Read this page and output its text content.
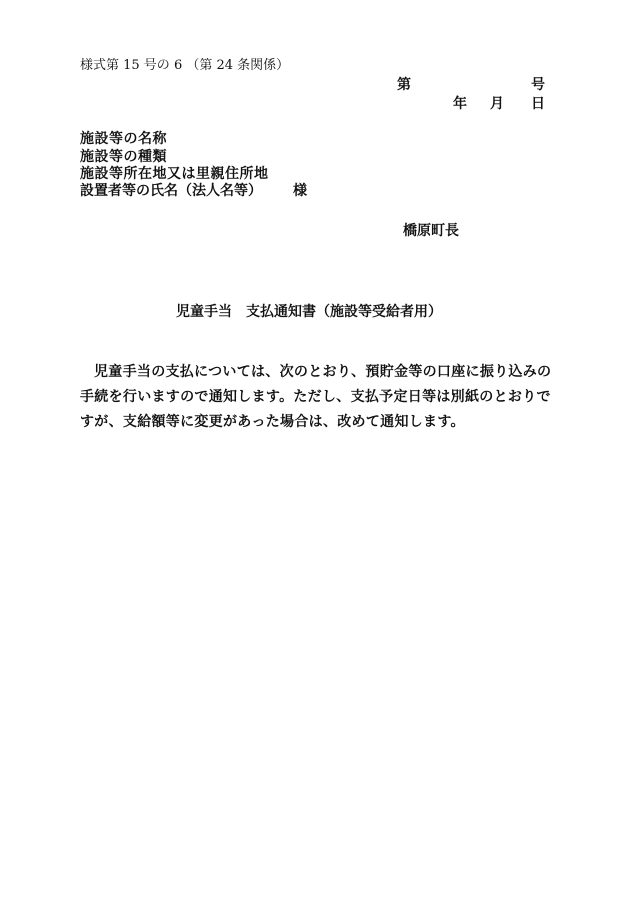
様式第 15 号の 6 （第 24 条関係）
第	号
年 月 日
施設等の名称
施設等の種類
施設等所在地又は里親住所地
設置者等の氏名（法人名等） 様
橋原町長
児童手当　支払通知書（施設等受給者用）
児童手当の支払については、次のとおり、預貯金等の口座に振り込みの手続を行いますので通知します。ただし、支払予定日等は別紙のとおりですが、支給額等に変更があった場合は、改めて通知します。
